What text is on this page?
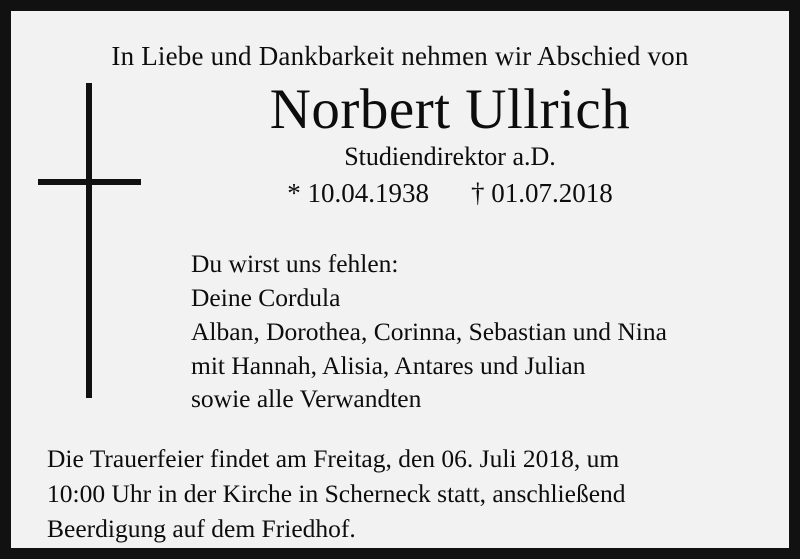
In Liebe und Dankbarkeit nehmen wir Abschied von
Norbert Ullrich
Studiendirektor a.D.
* 10.04.1938 † 01.07.2018
Du wirst uns fehlen:
Deine Cordula
Alban, Dorothea, Corinna, Sebastian und Nina
mit Hannah, Alisia, Antares und Julian
sowie alle Verwandten
Die Trauerfeier findet am Freitag, den 06. Juli 2018, um
10:00 Uhr in der Kirche in Scherneck statt, anschließend
Beerdigung auf dem Friedhof.
